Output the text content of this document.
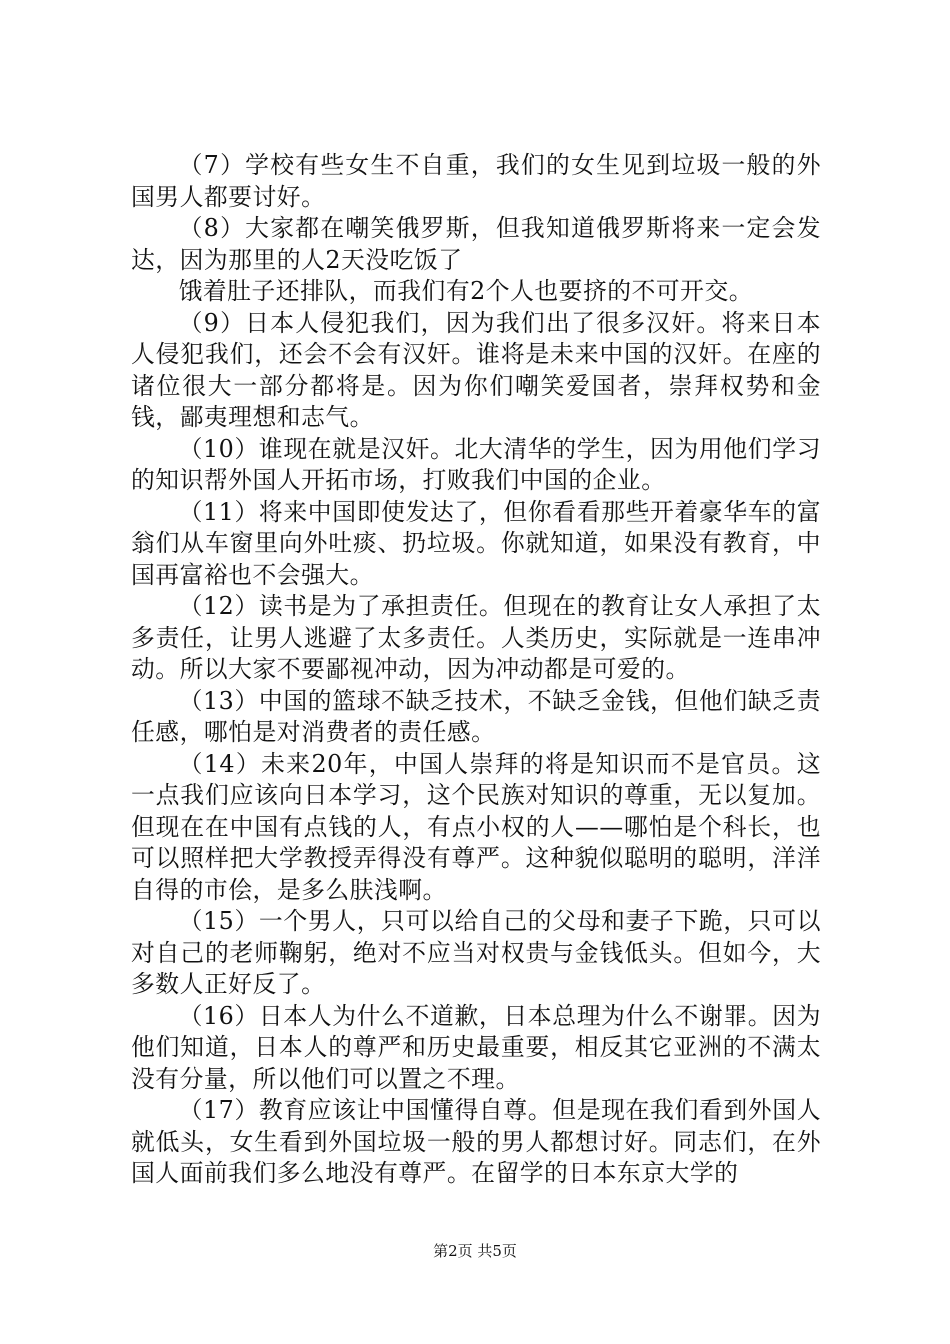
（7）学校有些女生不自重，我们的女生见到垃圾一般的外国男人都要讨好。

（8）大家都在嘲笑俄罗斯，但我知道俄罗斯将来一定会发达，因为那里的人2天没吃饭了

饿着肚子还排队，而我们有2个人也要挤的不可开交。

（9）日本人侵犯我们，因为我们出了很多汉奸。将来日本人侵犯我们，还会不会有汉奸。谁将是未来中国的汉奸。在座的诸位很大一部分都将是。因为你们嘲笑爱国者，崇拜权势和金钱，鄙夷理想和志气。

（10）谁现在就是汉奸。北大清华的学生，因为用他们学习的知识帮外国人开拓市场，打败我们中国的企业。

（11）将来中国即使发达了，但你看看那些开着豪华车的富翁们从车窗里向外吐痰、扔垃圾。你就知道，如果没有教育，中国再富裕也不会强大。

（12）读书是为了承担责任。但现在的教育让女人承担了太多责任，让男人逃避了太多责任。人类历史，实际就是一连串冲动。所以大家不要鄙视冲动，因为冲动都是可爱的。

（13）中国的篮球不缺乏技术，不缺乏金钱，但他们缺乏责任感，哪怕是对消费者的责任感。

（14）未来20年，中国人崇拜的将是知识而不是官员。这一点我们应该向日本学习，这个民族对知识的尊重，无以复加。但现在在中国有点钱的人，有点小权的人——哪怕是个科长，也可以照样把大学教授弄得没有尊严。这种貌似聪明的聪明，洋洋自得的市侩，是多么肤浅啊。

（15）一个男人，只可以给自己的父母和妻子下跪，只可以对自己的老师鞠躬，绝对不应当对权贵与金钱低头。但如今，大多数人正好反了。

（16）日本人为什么不道歉，日本总理为什么不谢罪。因为他们知道，日本人的尊严和历史最重要，相反其它亚洲的不满太没有分量，所以他们可以置之不理。

（17）教育应该让中国懂得自尊。但是现在我们看到外国人就低头，女生看到外国垃圾一般的男人都想讨好。同志们，在外国人面前我们多么地没有尊严。在留学的日本东京大学的

第2页 共5页
